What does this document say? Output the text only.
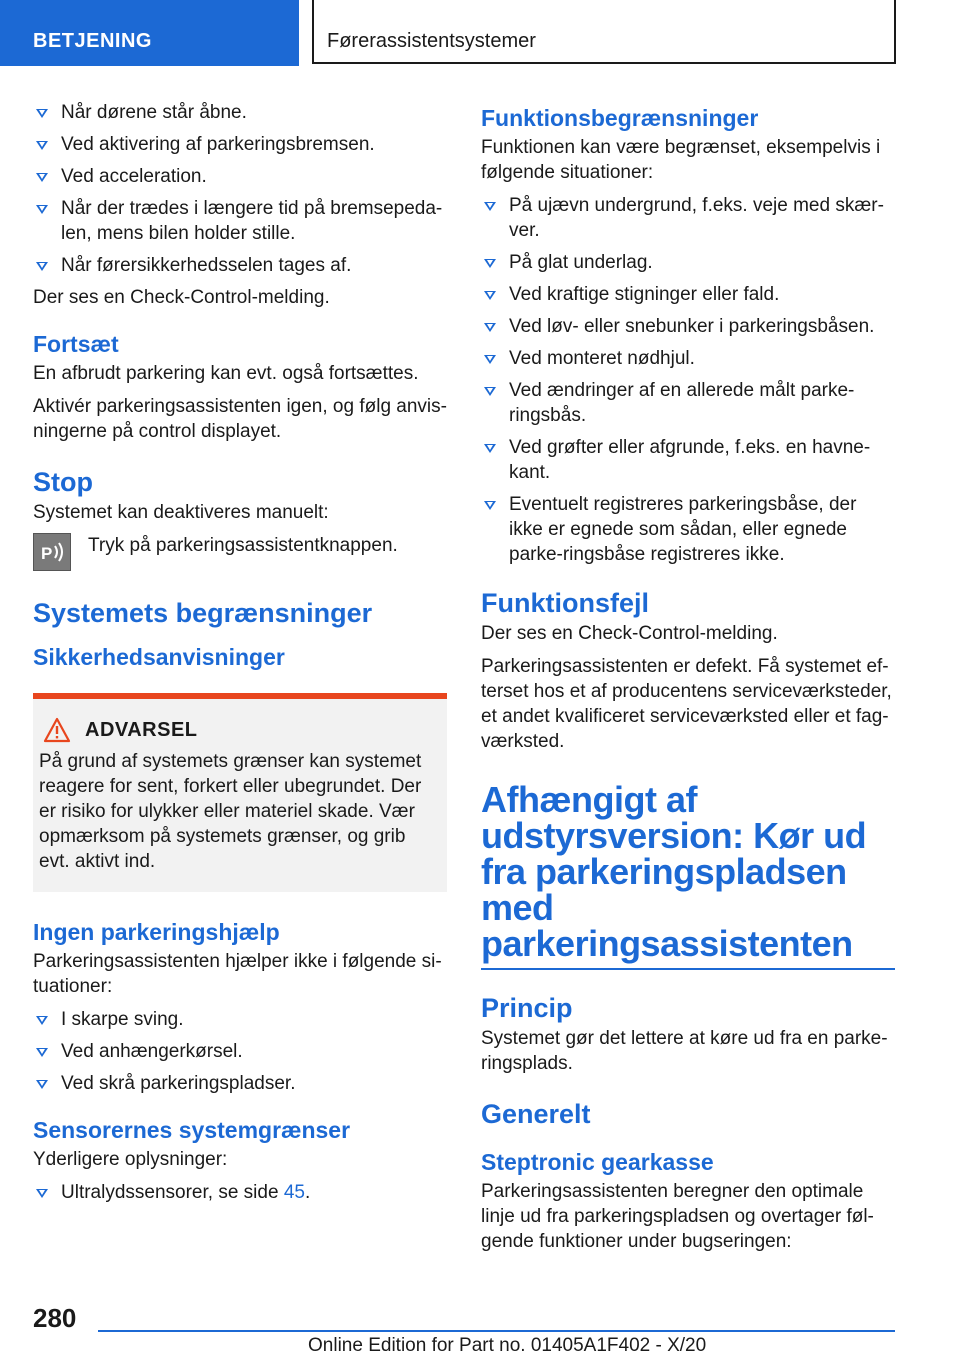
BETJENING	Førerassistentsystemer
Når dørene står åbne.
Ved aktivering af parkeringsbremsen.
Ved acceleration.
Når der trædes i længere tid på bremsepeda-len, mens bilen holder stille.
Når førersikkerhedsselen tages af.

Der ses en Check-Control-melding.

Fortsæt

En afbrudt parkering kan evt. også fortsættes.

Aktivér parkeringsassistenten igen, og følg anvis-ningerne på control displayet.

Stop

Systemet kan deaktiveres manuelt:

P	Tryk på parkeringsassistentknappen.

Systemets begrænsninger
Sikkerhedsanvisninger
ADVARSEL

På grund af systemets grænser kan systemet reagere for sent, forkert eller ubegrundet. Der er risiko for ulykker eller materiel skade. Vær opmærksom på systemets grænser, og grib evt. aktivt ind.

Ingen parkeringshjælp

Parkeringsassistenten hjælper ikke i følgende si-tuationer:

I skarpe sving.
Ved anhængerkørsel.
Ved skrå parkeringspladser.
Sensorernes systemgrænser

Yderligere oplysninger:

Ultralydssensorer, se side 45.
Funktionsbegrænsninger

Funktionen kan være begrænset, eksempelvis i følgende situationer:

På ujævn undergrund, f.eks. veje med skær-ver.
På glat underlag.
Ved kraftige stigninger eller fald.
Ved løv- eller snebunker i parkeringsbåsen.
Ved monteret nødhjul.
Ved ændringer af en allerede målt parke-ringsbås.
Ved grøfter eller afgrunde, f.eks. en havne-kant.
Eventuelt registreres parkeringsbåse, der ikke er egnede som sådan, eller egnede parke-ringsbåse registreres ikke.
Funktionsfejl

Der ses en Check-Control-melding.

Parkeringsassistenten er defekt. Få systemet ef-terset hos et af producentens serviceværksteder, et andet kvalificeret serviceværksted eller et fag-værksted.

Afhængigt af udstyrsversion: Kør ud fra parkeringspladsen med parkeringsassistenten
Princip

Systemet gør det lettere at køre ud fra en parke-ringsplads.

Generelt
Steptronic gearkasse

Parkeringsassistenten beregner den optimale linje ud fra parkeringspladsen og overtager føl-gende funktioner under bugseringen:

280
Online Edition for Part no. 01405A1F402 - X/20
